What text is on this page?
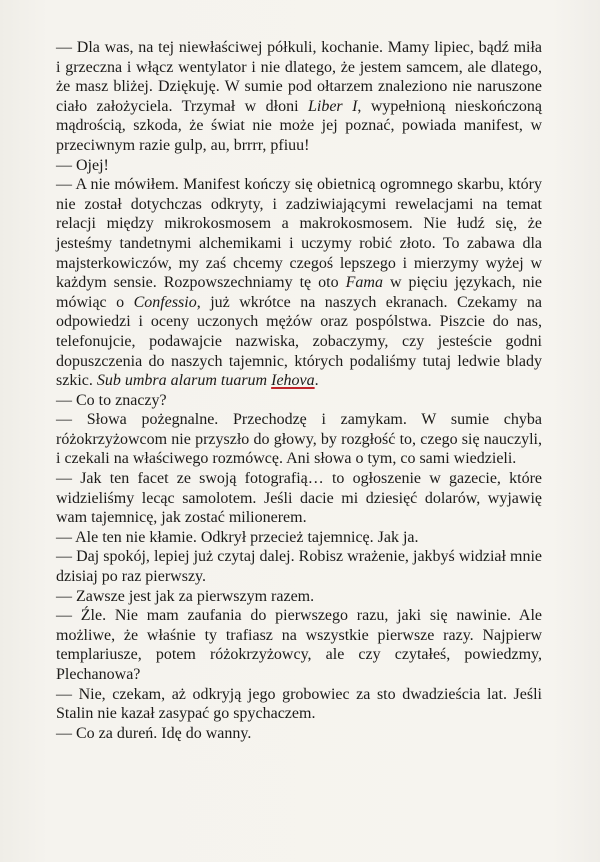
— Dla was, na tej niewłaściwej półkuli, kochanie. Mamy lipiec, bądź miła i grzeczna i włącz wentylator i nie dlatego, że jestem samcem, ale dlatego, że masz bliżej. Dziękuję. W sumie pod ołtarzem znaleziono nie naruszone ciało założyciela. Trzymał w dłoni Liber I, wypełnioną nieskończoną mądrością, szkoda, że świat nie może jej poznać, powiada manifest, w przeciwnym razie gulp, au, brrrr, pfiuu!

— Ojej!

— A nie mówiłem. Manifest kończy się obietnicą ogromnego skarbu, który nie został dotychczas odkryty, i zadziwiającymi rewelacjami na temat relacji między mikrokosmosem a makrokosmosem. Nie łudź się, że jesteśmy tandetnymi alchemikami i uczymy robić złoto. To zabawa dla majsterkowiczów, my zaś chcemy czegoś lepszego i mierzymy wyżej w każdym sensie. Rozpowszechniamy tę oto Fama w pięciu językach, nie mówiąc o Confessio, już wkrótce na naszych ekranach. Czekamy na odpowiedzi i oceny uczonych mężów oraz pospólstwa. Piszcie do nas, telefonujcie, podawajcie nazwiska, zobaczymy, czy jesteście godni dopuszczenia do naszych tajemnic, których podaliśmy tutaj ledwie blady szkic. Sub umbra alarum tuarum Iehova.

— Co to znaczy?

— Słowa pożegnalne. Przechodzę i zamykam. W sumie chyba różokrzyżowcom nie przyszło do głowy, by rozgłość to, czego się nauczyli, i czekali na właściwego rozmówcę. Ani słowa o tym, co sami wiedzieli.

— Jak ten facet ze swoją fotografią… to ogłoszenie w gazecie, które widzieliśmy lecąc samolotem. Jeśli dacie mi dziesięć dolarów, wyjawię wam tajemnicę, jak zostać milionerem.

— Ale ten nie kłamie. Odkrył przecież tajemnicę. Jak ja.

— Daj spokój, lepiej już czytaj dalej. Robisz wrażenie, jakbyś widział mnie dzisiaj po raz pierwszy.

— Zawsze jest jak za pierwszym razem.

— Źle. Nie mam zaufania do pierwszego razu, jaki się nawinie. Ale możliwe, że właśnie ty trafiasz na wszystkie pierwsze razy. Najpierw templariusze, potem różokrzyżowcy, ale czy czytałeś, powiedzmy, Plechanowa?

— Nie, czekam, aż odkryją jego grobowiec za sto dwadzieścia lat. Jeśli Stalin nie kazał zasypać go spychaczem.

— Co za dureń. Idę do wanny.
